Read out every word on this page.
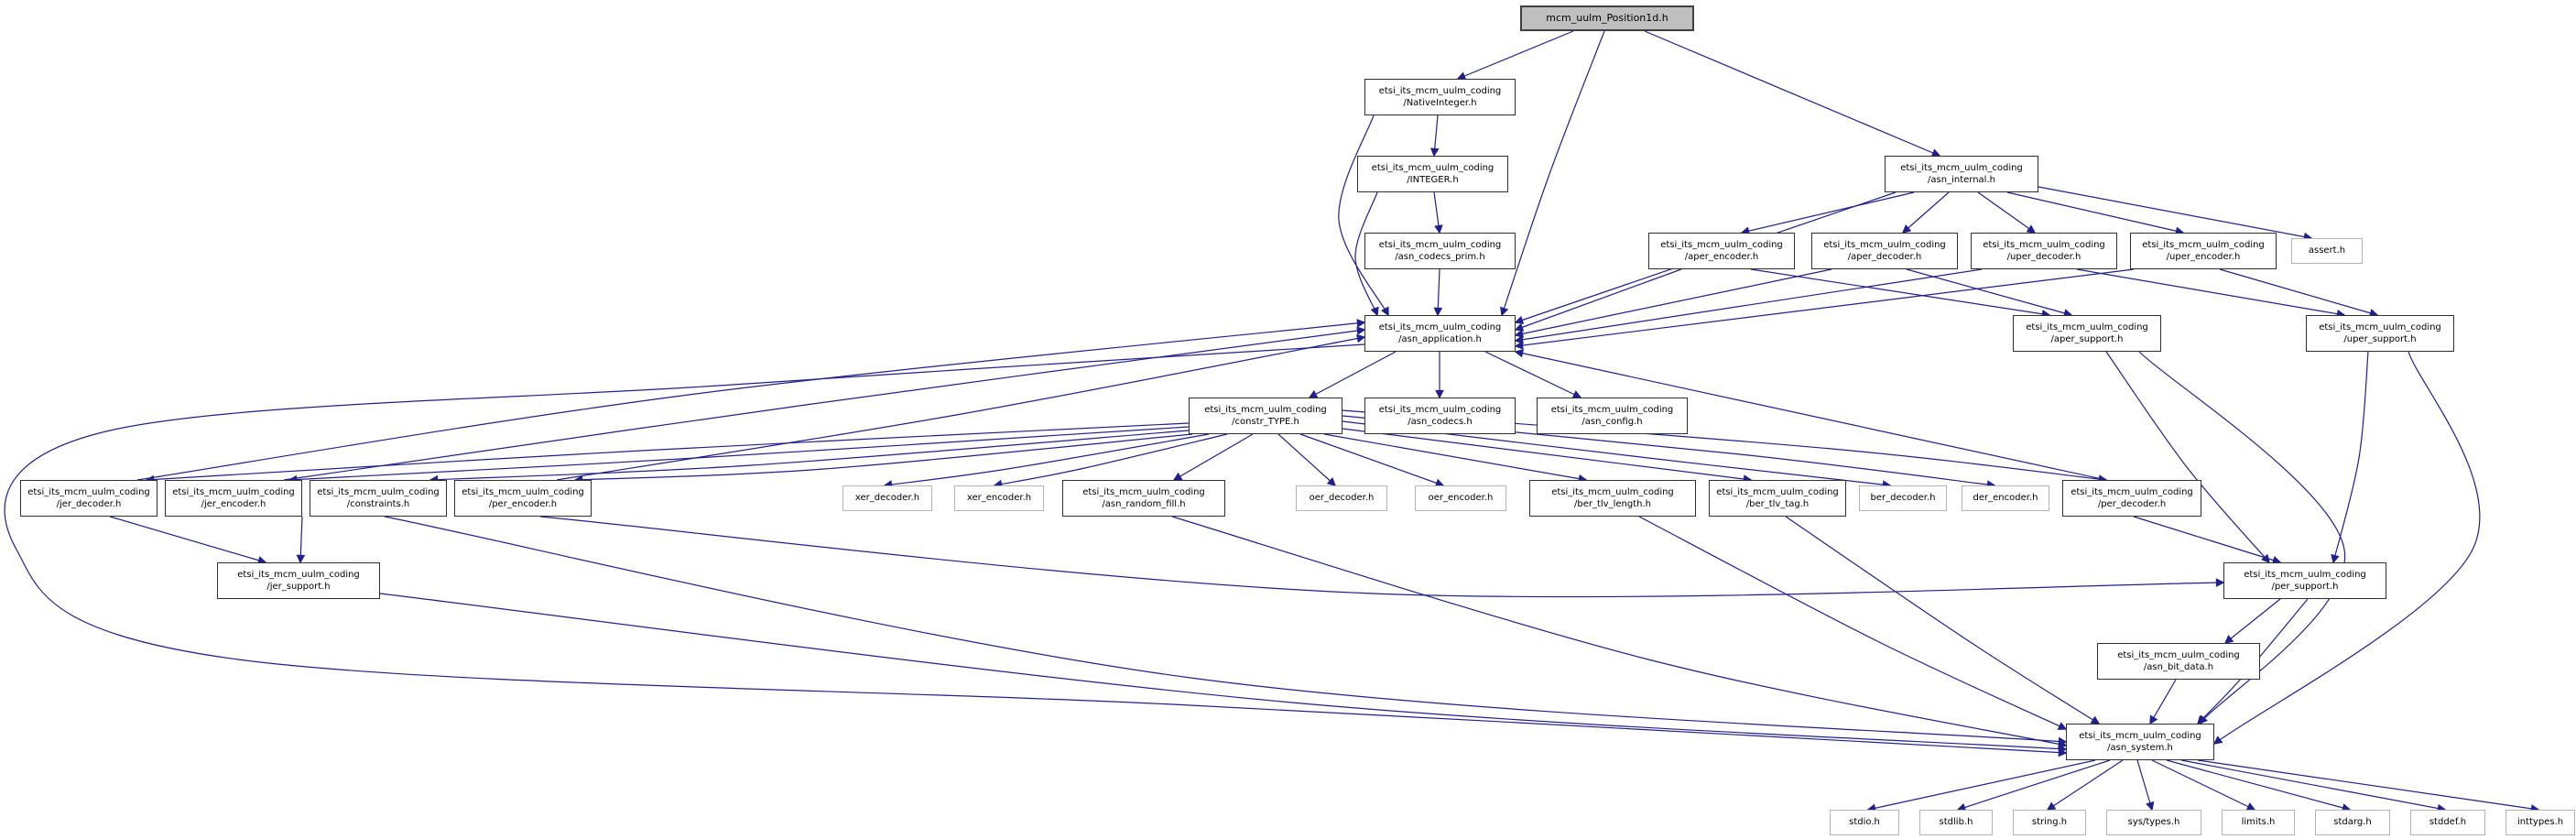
mcm_uulm_Position1d.h
etsi_its_mcm_uulm_coding
/NativeInteger.h
etsi_its_mcm_uulm_coding
/INTEGER.h
etsi_its_mcm_uulm_coding
/asn_internal.h
etsi_its_mcm_uulm_coding
/asn_codecs_prim.h
etsi_its_mcm_uulm_coding
/aper_encoder.h
etsi_its_mcm_uulm_coding
/aper_decoder.h
etsi_its_mcm_uulm_coding
/uper_decoder.h
etsi_its_mcm_uulm_coding
/uper_encoder.h
assert.h
etsi_its_mcm_uulm_coding
/asn_application.h
etsi_its_mcm_uulm_coding
/aper_support.h
etsi_its_mcm_uulm_coding
/uper_support.h
etsi_its_mcm_uulm_coding
/constr_TYPE.h
etsi_its_mcm_uulm_coding
/asn_codecs.h
etsi_its_mcm_uulm_coding
/asn_config.h
etsi_its_mcm_uulm_coding
/jer_decoder.h
etsi_its_mcm_uulm_coding
/jer_encoder.h
etsi_its_mcm_uulm_coding
/constraints.h
etsi_its_mcm_uulm_coding
/per_encoder.h
xer_decoder.h	xer_encoder.h
etsi_its_mcm_uulm_coding
/asn_random_fill.h
oer_decoder.h	oer_encoder.h
etsi_its_mcm_uulm_coding
/ber_tlv_length.h
etsi_its_mcm_uulm_coding
/ber_tlv_tag.h
ber_decoder.h	der_encoder.h
etsi_its_mcm_uulm_coding
/per_decoder.h
etsi_its_mcm_uulm_coding
/jer_support.h
etsi_its_mcm_uulm_coding
/per_support.h
etsi_its_mcm_uulm_coding
/asn_bit_data.h
etsi_its_mcm_uulm_coding
/asn_system.h
stdio.h	stdlib.h	string.h	sys/types.h	limits.h	stdarg.h	stddef.h	inttypes.h
